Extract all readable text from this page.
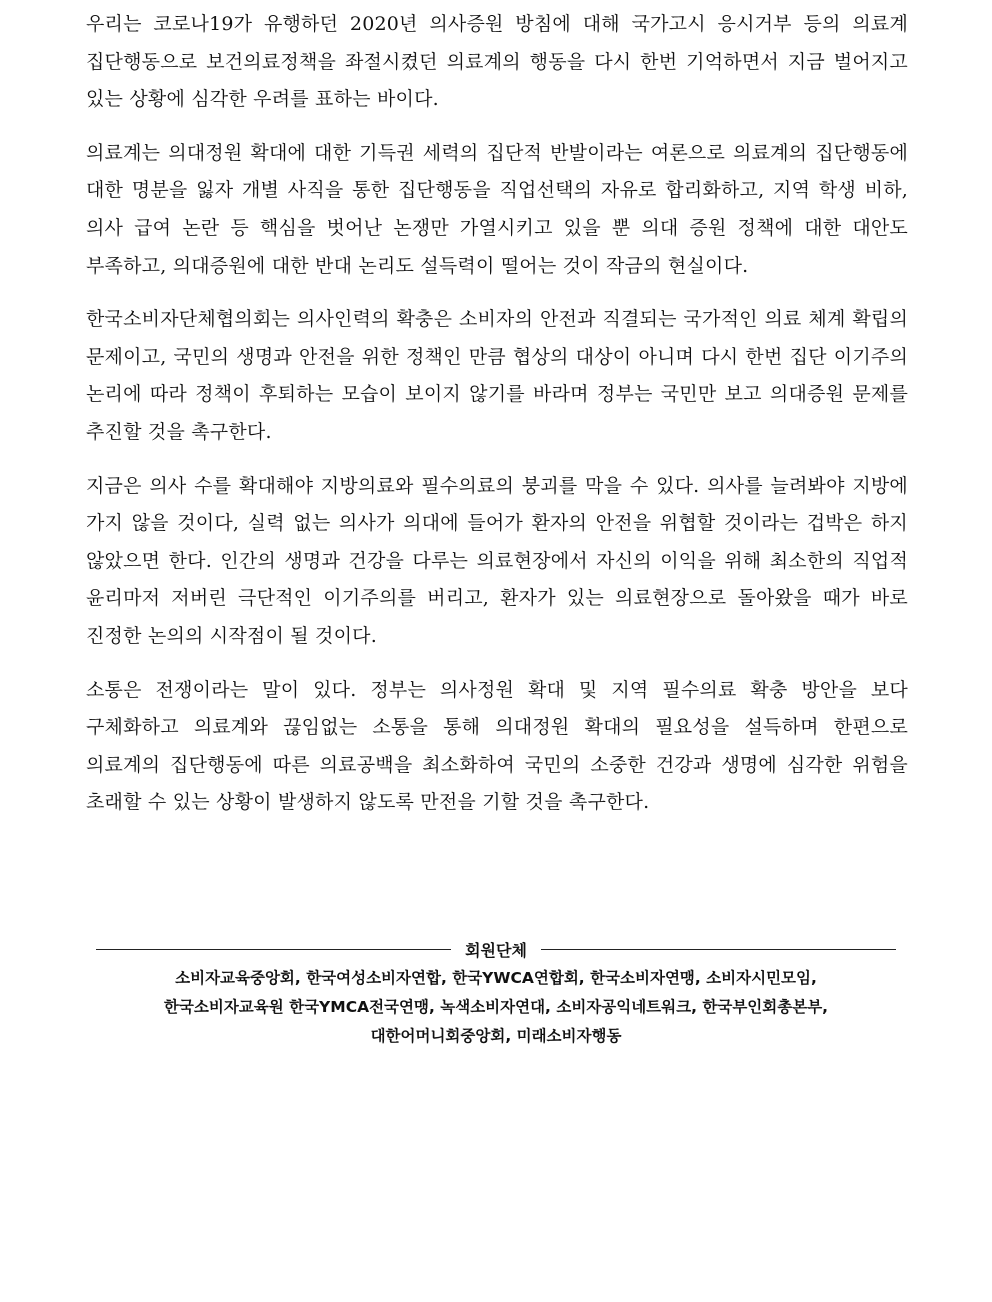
우리는 코로나19가 유행하던 2020년 의사증원 방침에 대해 국가고시 응시거부 등의 의료계 집단행동으로 보건의료정책을 좌절시켰던 의료계의 행동을 다시 한번 기억하면서 지금 벌어지고 있는 상황에 심각한 우려를 표하는 바이다.

의료계는 의대정원 확대에 대한 기득권 세력의 집단적 반발이라는 여론으로 의료계의 집단행동에 대한 명분을 잃자 개별 사직을 통한 집단행동을 직업선택의 자유로 합리화하고, 지역 학생 비하, 의사 급여 논란 등 핵심을 벗어난 논쟁만 가열시키고 있을 뿐 의대 증원 정책에 대한 대안도 부족하고, 의대증원에 대한 반대 논리도 설득력이 떨어는 것이 작금의 현실이다.

한국소비자단체협의회는 의사인력의 확충은 소비자의 안전과 직결되는 국가적인 의료 체계 확립의 문제이고, 국민의 생명과 안전을 위한 정책인 만큼 협상의 대상이 아니며 다시 한번 집단 이기주의 논리에 따라 정책이 후퇴하는 모습이 보이지 않기를 바라며 정부는 국민만 보고 의대증원 문제를 추진할 것을 촉구한다.

지금은 의사 수를 확대해야 지방의료와 필수의료의 붕괴를 막을 수 있다. 의사를 늘려봐야 지방에 가지 않을 것이다, 실력 없는 의사가 의대에 들어가 환자의 안전을 위협할 것이라는 겁박은 하지 않았으면 한다. 인간의 생명과 건강을 다루는 의료현장에서 자신의 이익을 위해 최소한의 직업적 윤리마저 저버린 극단적인 이기주의를 버리고, 환자가 있는 의료현장으로 돌아왔을 때가 바로 진정한 논의의 시작점이 될 것이다.

소통은 전쟁이라는 말이 있다. 정부는 의사정원 확대 및 지역 필수의료 확충 방안을 보다 구체화하고 의료계와 끊임없는 소통을 통해 의대정원 확대의 필요성을 설득하며 한편으로 의료계의 집단행동에 따른 의료공백을 최소화하여 국민의 소중한 건강과 생명에 심각한 위험을 초래할 수 있는 상황이 발생하지 않도록 만전을 기할 것을 촉구한다.

회원단체
소비자교육중앙회, 한국여성소비자연합, 한국YWCA연합회, 한국소비자연맹, 소비자시민모임,
한국소비자교육원 한국YMCA전국연맹, 녹색소비자연대, 소비자공익네트워크, 한국부인회총본부,
대한어머니회중앙회, 미래소비자행동
